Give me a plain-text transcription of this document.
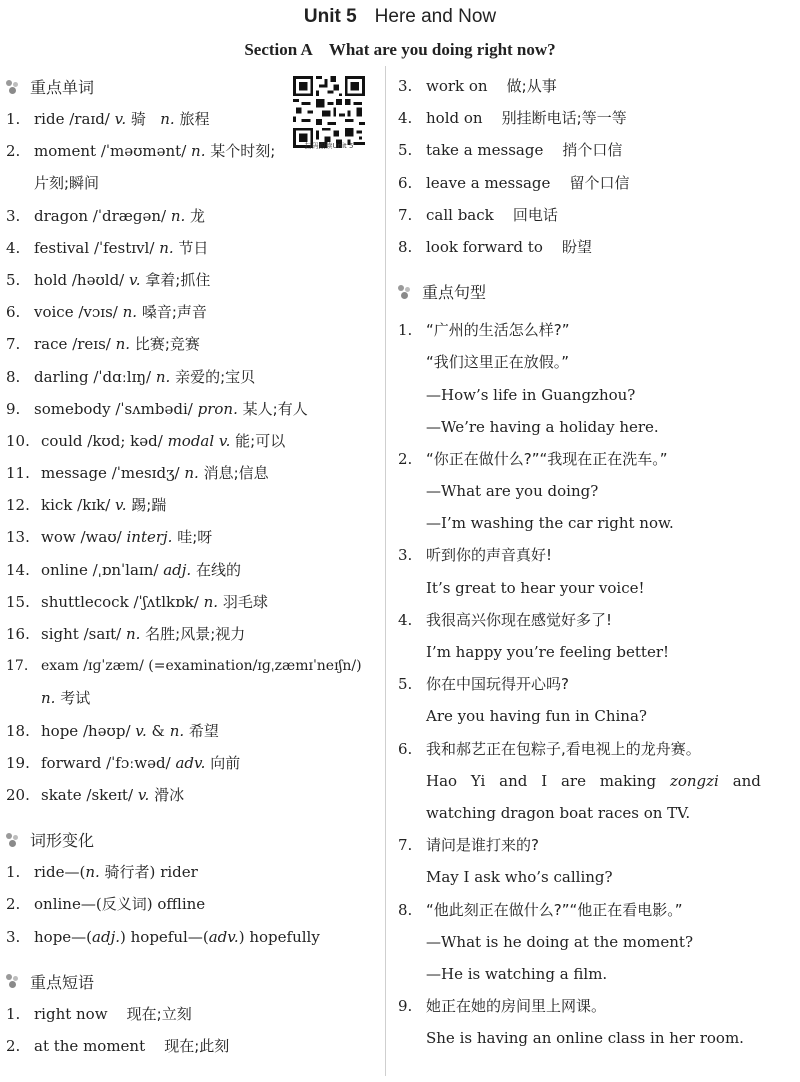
Unit 5 Here and Now
Section A What are you doing right now?
扫码跟读Unit 5
重点单词
1. ride /raɪd/ v. 骑 n. 旅程
2. moment /ˈməʊmənt/ n. 某个时刻;
片刻;瞬间
3. dragon /ˈdræɡən/ n. 龙
4. festival /ˈfestɪvl/ n. 节日
5. hold /həʊld/ v. 拿着;抓住
6. voice /vɔɪs/ n. 嗓音;声音
7. race /reɪs/ n. 比赛;竞赛
8. darling /ˈdɑːlɪŋ/ n. 亲爱的;宝贝
9. somebody /ˈsʌmbədi/ pron. 某人;有人
10. could /kʊd; kəd/ modal v. 能;可以
11. message /ˈmesɪdʒ/ n. 消息;信息
12. kick /kɪk/ v. 踢;踹
13. wow /waʊ/ interj. 哇;呀
14. online /ˌɒnˈlaɪn/ adj. 在线的
15. shuttlecock /ˈʃʌtlkɒk/ n. 羽毛球
16. sight /saɪt/ n. 名胜;风景;视力
17. exam /ɪɡˈzæm/ (=examination/ɪɡˌzæmɪˈneɪʃn/)
n. 考试
18. hope /həʊp/ v. & n. 希望
19. forward /ˈfɔːwəd/ adv. 向前
20. skate /skeɪt/ v. 滑冰
词形变化
1. ride—(n. 骑行者) rider
2. online—(反义词) offline
3. hope—(adj.) hopeful—(adv.) hopefully
重点短语
1. right now 现在;立刻
2. at the moment 现在;此刻
3. work on 做;从事
4. hold on 别挂断电话;等一等
5. take a message 捎个口信
6. leave a message 留个口信
7. call back 回电话
8. look forward to 盼望
重点句型
1. “广州的生活怎么样?”
“我们这里正在放假。”
—How’s life in Guangzhou?
—We’re having a holiday here.
2. “你正在做什么?”“我现在正在洗车。”
—What are you doing?
—I’m washing the car right now.
3. 听到你的声音真好!
It’s great to hear your voice!
4. 我很高兴你现在感觉好多了!
I’m happy you’re feeling better!
5. 你在中国玩得开心吗?
Are you having fun in China?
6. 我和郝艺正在包粽子,看电视上的龙舟赛。
Hao Yi and I are making zongzi and
watching dragon boat races on TV.
7. 请问是谁打来的?
May I ask who’s calling?
8. “他此刻正在做什么?”“他正在看电影。”
—What is he doing at the moment?
—He is watching a film.
9. 她正在她的房间里上网课。
She is having an online class in her room.
